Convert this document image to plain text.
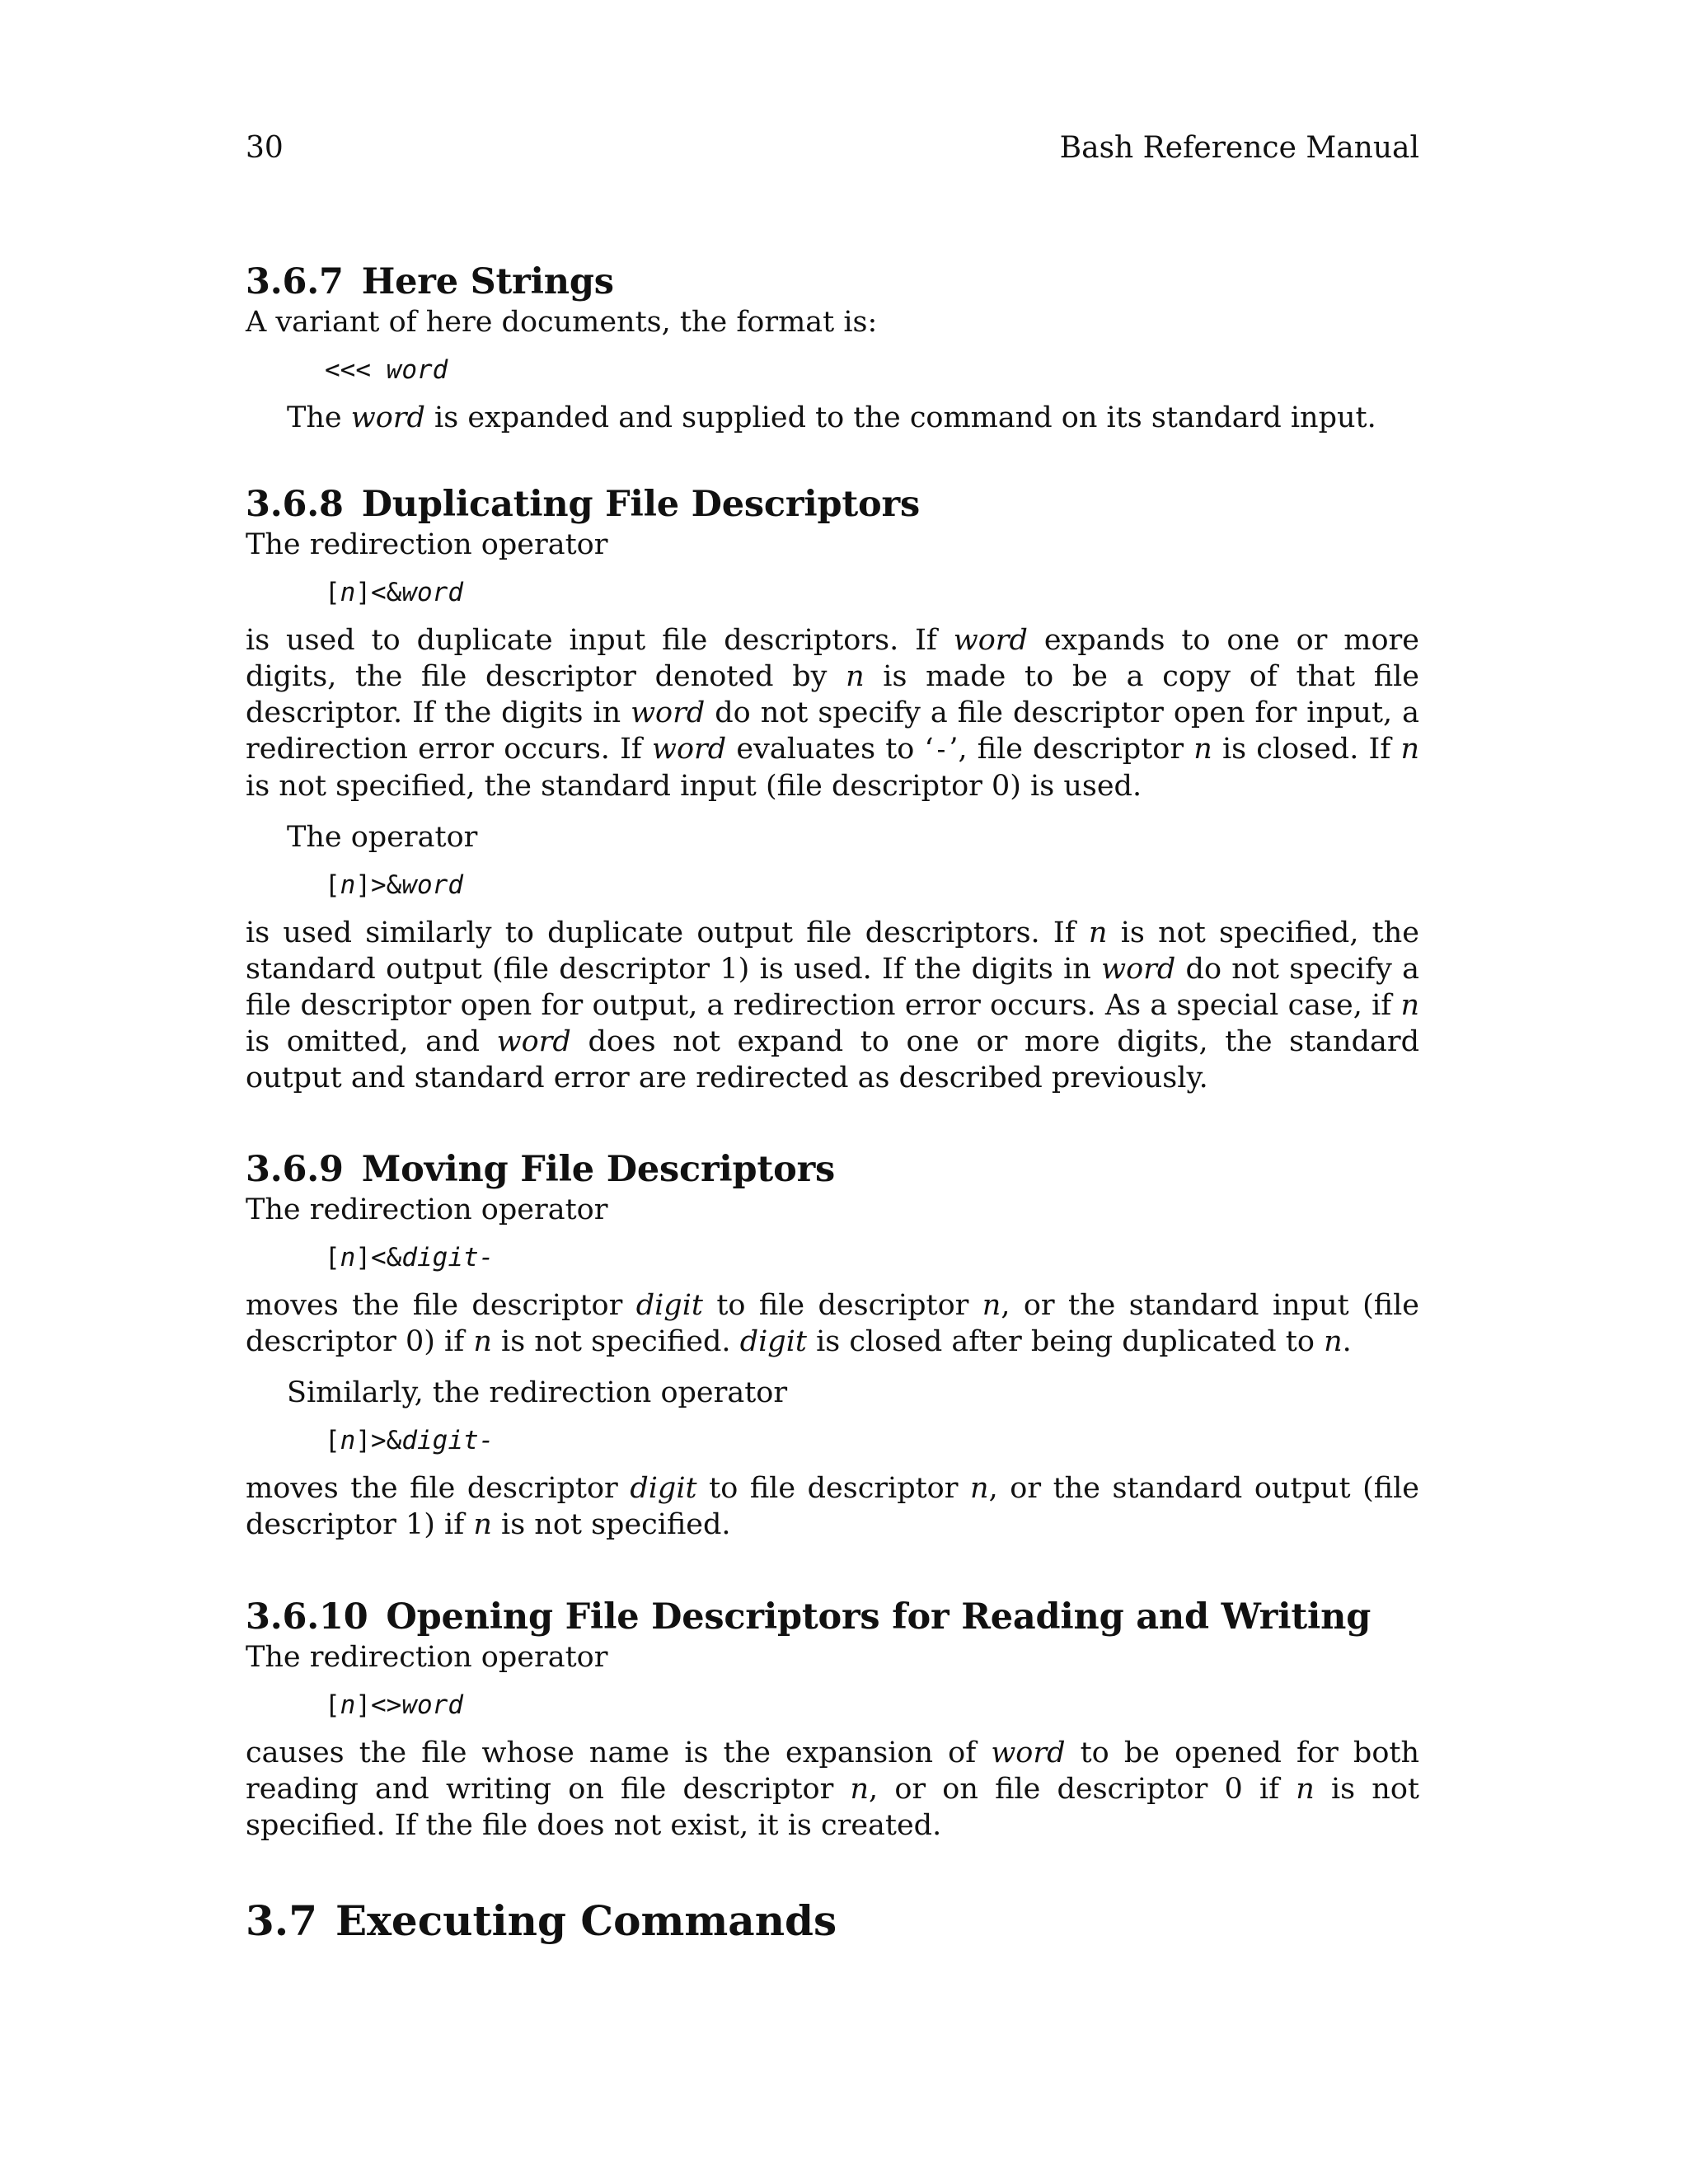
30	Bash Reference Manual
3.6.7 Here Strings

A variant of here documents, the format is:

<<< word

The word is expanded and supplied to the command on its standard input.

3.6.8 Duplicating File Descriptors

The redirection operator

[n]<&word

is used to duplicate input file descriptors. If word expands to one or more digits, the file descriptor denoted by n is made to be a copy of that file descriptor. If the digits in word do not specify a file descriptor open for input, a redirection error occurs. If word evaluates to ‘-’, file descriptor n is closed. If n is not specified, the standard input (file descriptor 0) is used.

The operator

[n]>&word

is used similarly to duplicate output file descriptors. If n is not specified, the standard output (file descriptor 1) is used. If the digits in word do not specify a file descriptor open for output, a redirection error occurs. As a special case, if n is omitted, and word does not expand to one or more digits, the standard output and standard error are redirected as described previously.

3.6.9 Moving File Descriptors

The redirection operator

[n]<&digit-

moves the file descriptor digit to file descriptor n, or the standard input (file descriptor 0) if n is not specified. digit is closed after being duplicated to n.

Similarly, the redirection operator

[n]>&digit-

moves the file descriptor digit to file descriptor n, or the standard output (file descriptor 1) if n is not specified.

3.6.10 Opening File Descriptors for Reading and Writing

The redirection operator

[n]<>word

causes the file whose name is the expansion of word to be opened for both reading and writing on file descriptor n, or on file descriptor 0 if n is not specified. If the file does not exist, it is created.

3.7 Executing Commands
